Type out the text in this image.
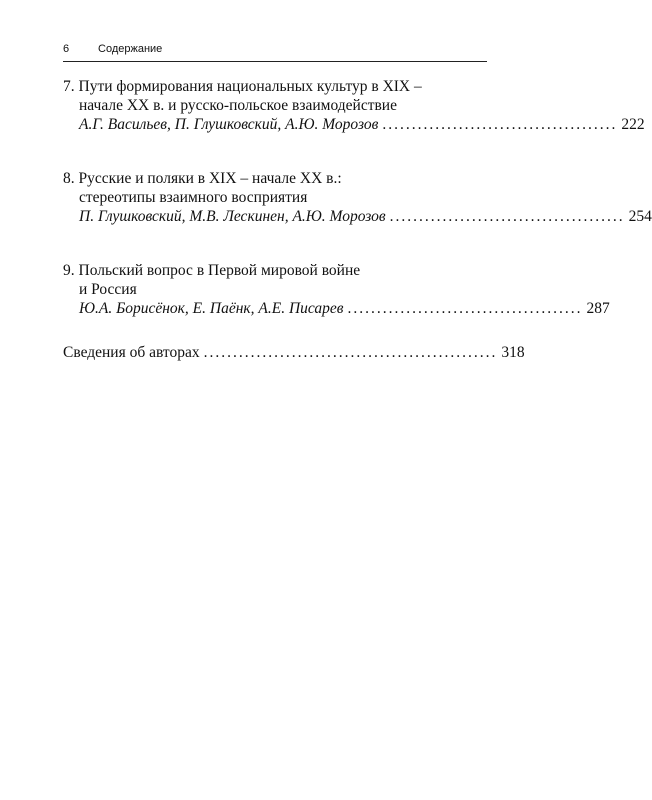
6	Содержание
7. Пути формирования национальных культур в XIX –
начале XX в. и русско-польское взаимодействие
А.Г. Васильев, П. Глушковский, А.Ю. Морозов ........................................ 222
8. Русские и поляки в XIX – начале XX в.:
стереотипы взаимного восприятия
П. Глушковский, М.В. Лескинен, А.Ю. Морозов ........................................ 254
9. Польский вопрос в Первой мировой войне
и Россия
Ю.А. Борисёнок, Е. Паёнк, А.Е. Писарев ........................................ 287
Сведения об авторах .................................................. 318
